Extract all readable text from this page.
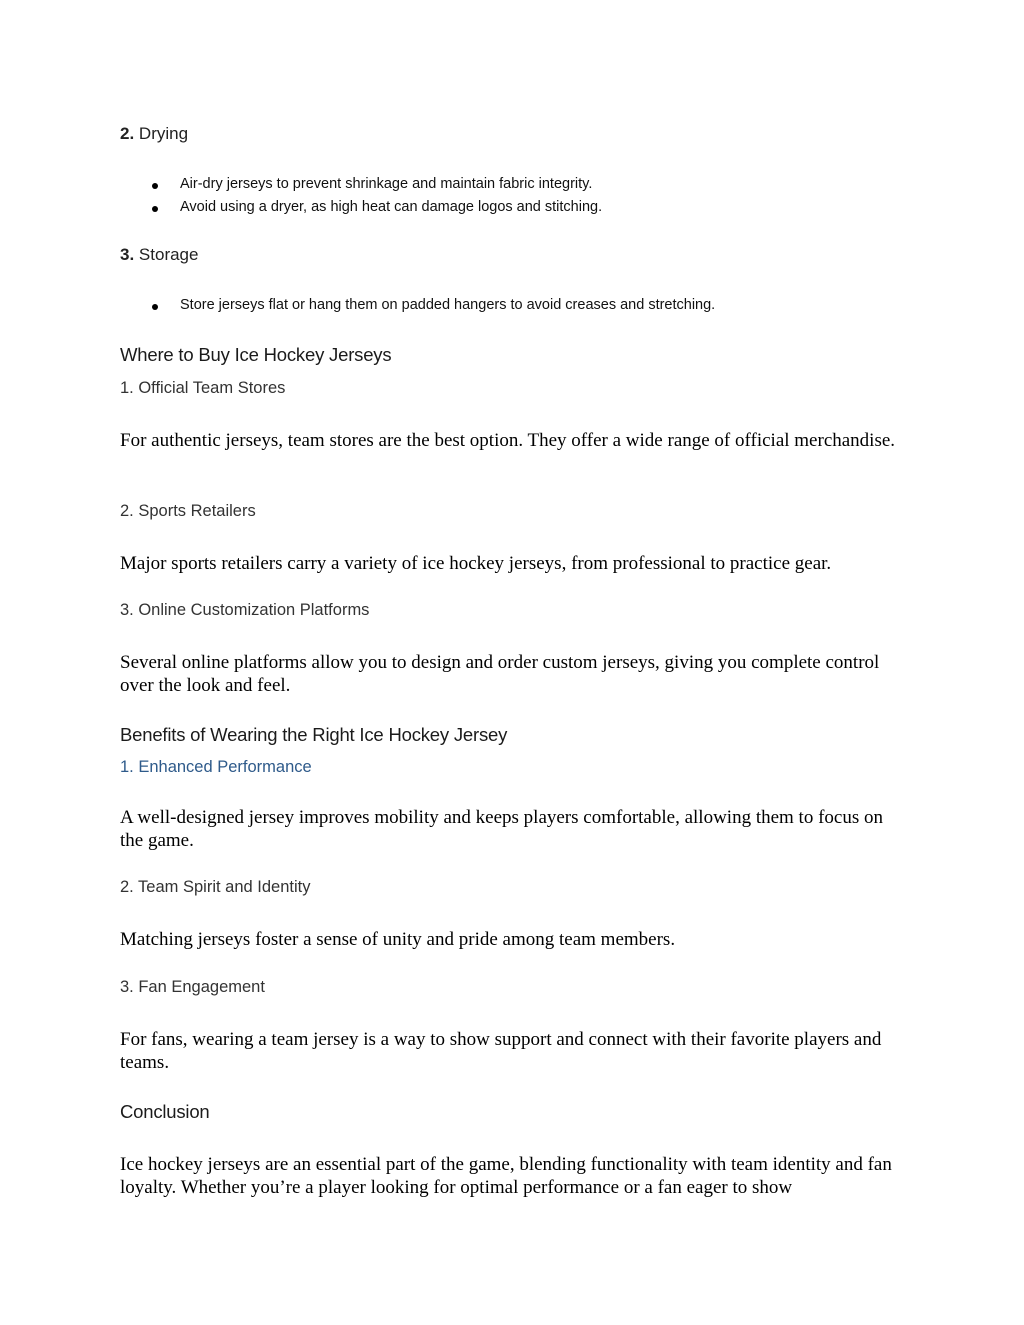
2. Drying
Air-dry jerseys to prevent shrinkage and maintain fabric integrity.
Avoid using a dryer, as high heat can damage logos and stitching.
3. Storage
Store jerseys flat or hang them on padded hangers to avoid creases and stretching.
Where to Buy Ice Hockey Jerseys
1. Official Team Stores
For authentic jerseys, team stores are the best option. They offer a wide range of official merchandise.
2. Sports Retailers
Major sports retailers carry a variety of ice hockey jerseys, from professional to practice gear.
3. Online Customization Platforms
Several online platforms allow you to design and order custom jerseys, giving you complete control over the look and feel.
Benefits of Wearing the Right Ice Hockey Jersey
1. Enhanced Performance
A well-designed jersey improves mobility and keeps players comfortable, allowing them to focus on the game.
2. Team Spirit and Identity
Matching jerseys foster a sense of unity and pride among team members.
3. Fan Engagement
For fans, wearing a team jersey is a way to show support and connect with their favorite players and teams.
Conclusion
Ice hockey jerseys are an essential part of the game, blending functionality with team identity and fan loyalty. Whether you’re a player looking for optimal performance or a fan eager to show
